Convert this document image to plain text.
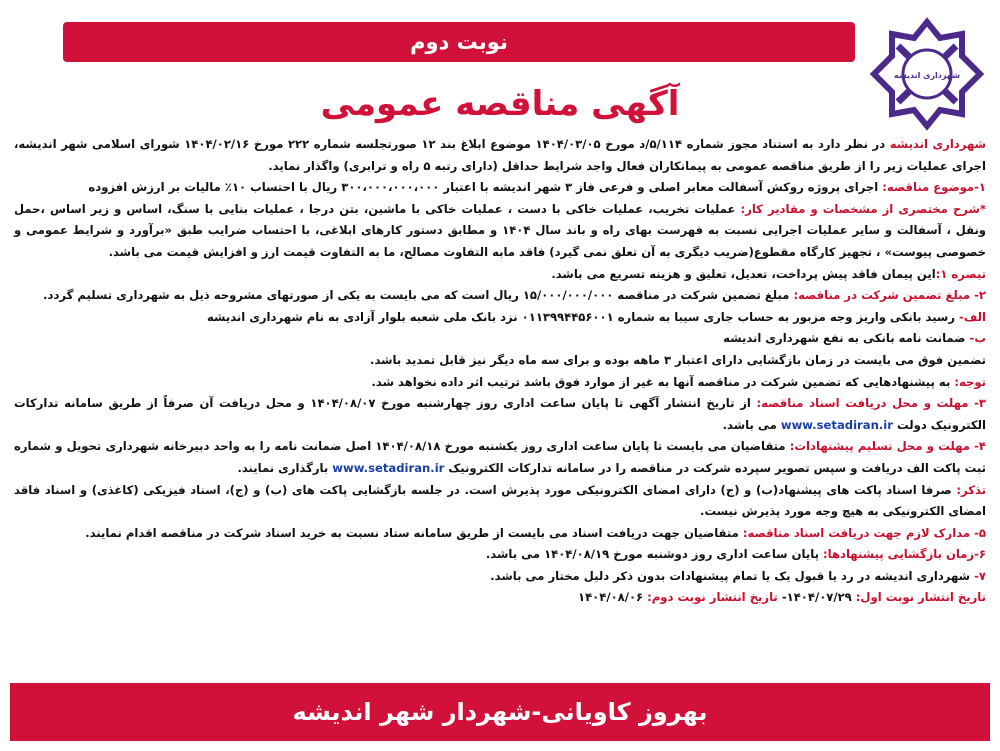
نوبت دوم
شهرداری اندیشه
آگهی مناقصه عمومی

شهرداری اندیشه در نظر دارد به استناد مجوز شماره ۵/۱۱۴/د مورخ ۱۴۰۴/۰۳/۰۵ موضوع ابلاغ بند ۱۲ صورتجلسه شماره ۲۲۲ مورخ ۱۴۰۴/۰۲/۱۶ شورای اسلامی شهر اندیشه، اجرای عملیات زیر را از طریق مناقصه عمومی به پیمانکاران فعال واجد شرایط حداقل (دارای رتبه ۵ راه و ترابری) واگذار نماید.

۱-موضوع مناقصه: اجرای پروژه روکش آسفالت معابر اصلی و فرعی فاز ۳ شهر اندیشه با اعتبار ۳۰۰،۰۰۰،۰۰۰،۰۰۰ ریال با احتساب ۱۰٪ مالیات بر ارزش افزوده

*شرح مختصری از مشخصات و مقادیر کار: عملیات تخریب، عملیات خاکی با دست ، عملیات خاکی با ماشین، بتن درجا ، عملیات بنایی با سنگ، اساس و زیر اساس ،حمل ونقل ، آسفالت و سایر عملیات اجرایی نسبت به فهرست بهای راه و باند سال ۱۴۰۴ و مطابق دستور کارهای ابلاغی، با احتساب ضرایب طبق «برآورد و شرایط عمومی و خصوصی پیوست» ، تجهیز کارگاه مقطوع(ضریب دیگری به آن تعلق نمی گیرد) فاقد مابه التفاوت مصالح، ما به التفاوت قیمت ارز و افزایش قیمت می باشد.

تبصره ۱:این پیمان فاقد پیش پرداخت، تعدیل، تعلیق و هزینه تسریع می باشد.

۲- مبلغ تضمین شرکت در مناقصه: مبلغ تضمین شرکت در مناقصه ۱۵/۰۰۰/۰۰۰/۰۰۰ ریال است که می بایست به یکی از صورتهای مشروحه ذیل به شهرداری تسلیم گردد.

الف- رسید بانکی واریز وجه مزبور به حساب جاری سیبا به شماره ۰۱۱۳۹۹۴۴۵۶۰۰۱ نزد بانک ملی شعبه بلوار آزادی به نام شهرداری اندیشه

ب- ضمانت نامه بانکی به نفع شهرداری اندیشه

تضمین فوق می بایست در زمان بازگشایی دارای اعتبار ۳ ماهه بوده و برای سه ماه دیگر نیز قابل تمدید باشد.

توجه: به پیشنهادهایی که تضمین شرکت در مناقصه آنها به غیر از موارد فوق باشد ترتیب اثر داده نخواهد شد.

۳- مهلت و محل دریافت اسناد مناقصه: از تاریخ انتشار آگهی تا پایان ساعت اداری روز چهارشنبه مورخ ۱۴۰۴/۰۸/۰۷ و محل دریافت آن صرفاً از طریق سامانه تدارکات الکترونیک دولت www.setadiran.ir می باشد.

۴- مهلت و محل تسلیم پیشنهادات: متقاضیان می بایست تا پایان ساعت اداری روز یکشنبه مورخ ۱۴۰۴/۰۸/۱۸ اصل ضمانت نامه را به واحد دبیرخانه شهرداری تحویل و شماره ثبت پاکت الف دریافت و سپس تصویر سپرده شرکت در مناقصه را در سامانه تدارکات الکترونیک www.setadiran.ir بارگذاری نمایند.

تذکر: صرفا اسناد پاکت های پیشنهاد(ب) و (ج) دارای امضای الکترونیکی مورد پذیرش است. در جلسه بازگشایی پاکت های (ب) و (ج)، اسناد فیزیکی (کاغذی) و اسناد فاقد امضای الکترونیکی به هیچ وجه مورد پذیرش نیست.

۵- مدارک لازم جهت دریافت اسناد مناقصه: متقاضیان جهت دریافت اسناد می بایست از طریق سامانه ستاد نسبت به خرید اسناد شرکت در مناقصه اقدام نمایند.

۶-زمان بازگشایی پیشنهادها: پایان ساعت اداری روز دوشنبه مورخ ۱۴۰۴/۰۸/۱۹ می باشد.

۷- شهرداری اندیشه در رد یا قبول یک یا تمام پیشنهادات بدون ذکر دلیل مختار می باشد.

تاریخ انتشار نوبت اول: ۱۴۰۴/۰۷/۲۹- تاریخ انتشار نوبت دوم: ۱۴۰۴/۰۸/۰۶

بهروز کاویانی-شهردار شهر اندیشه
